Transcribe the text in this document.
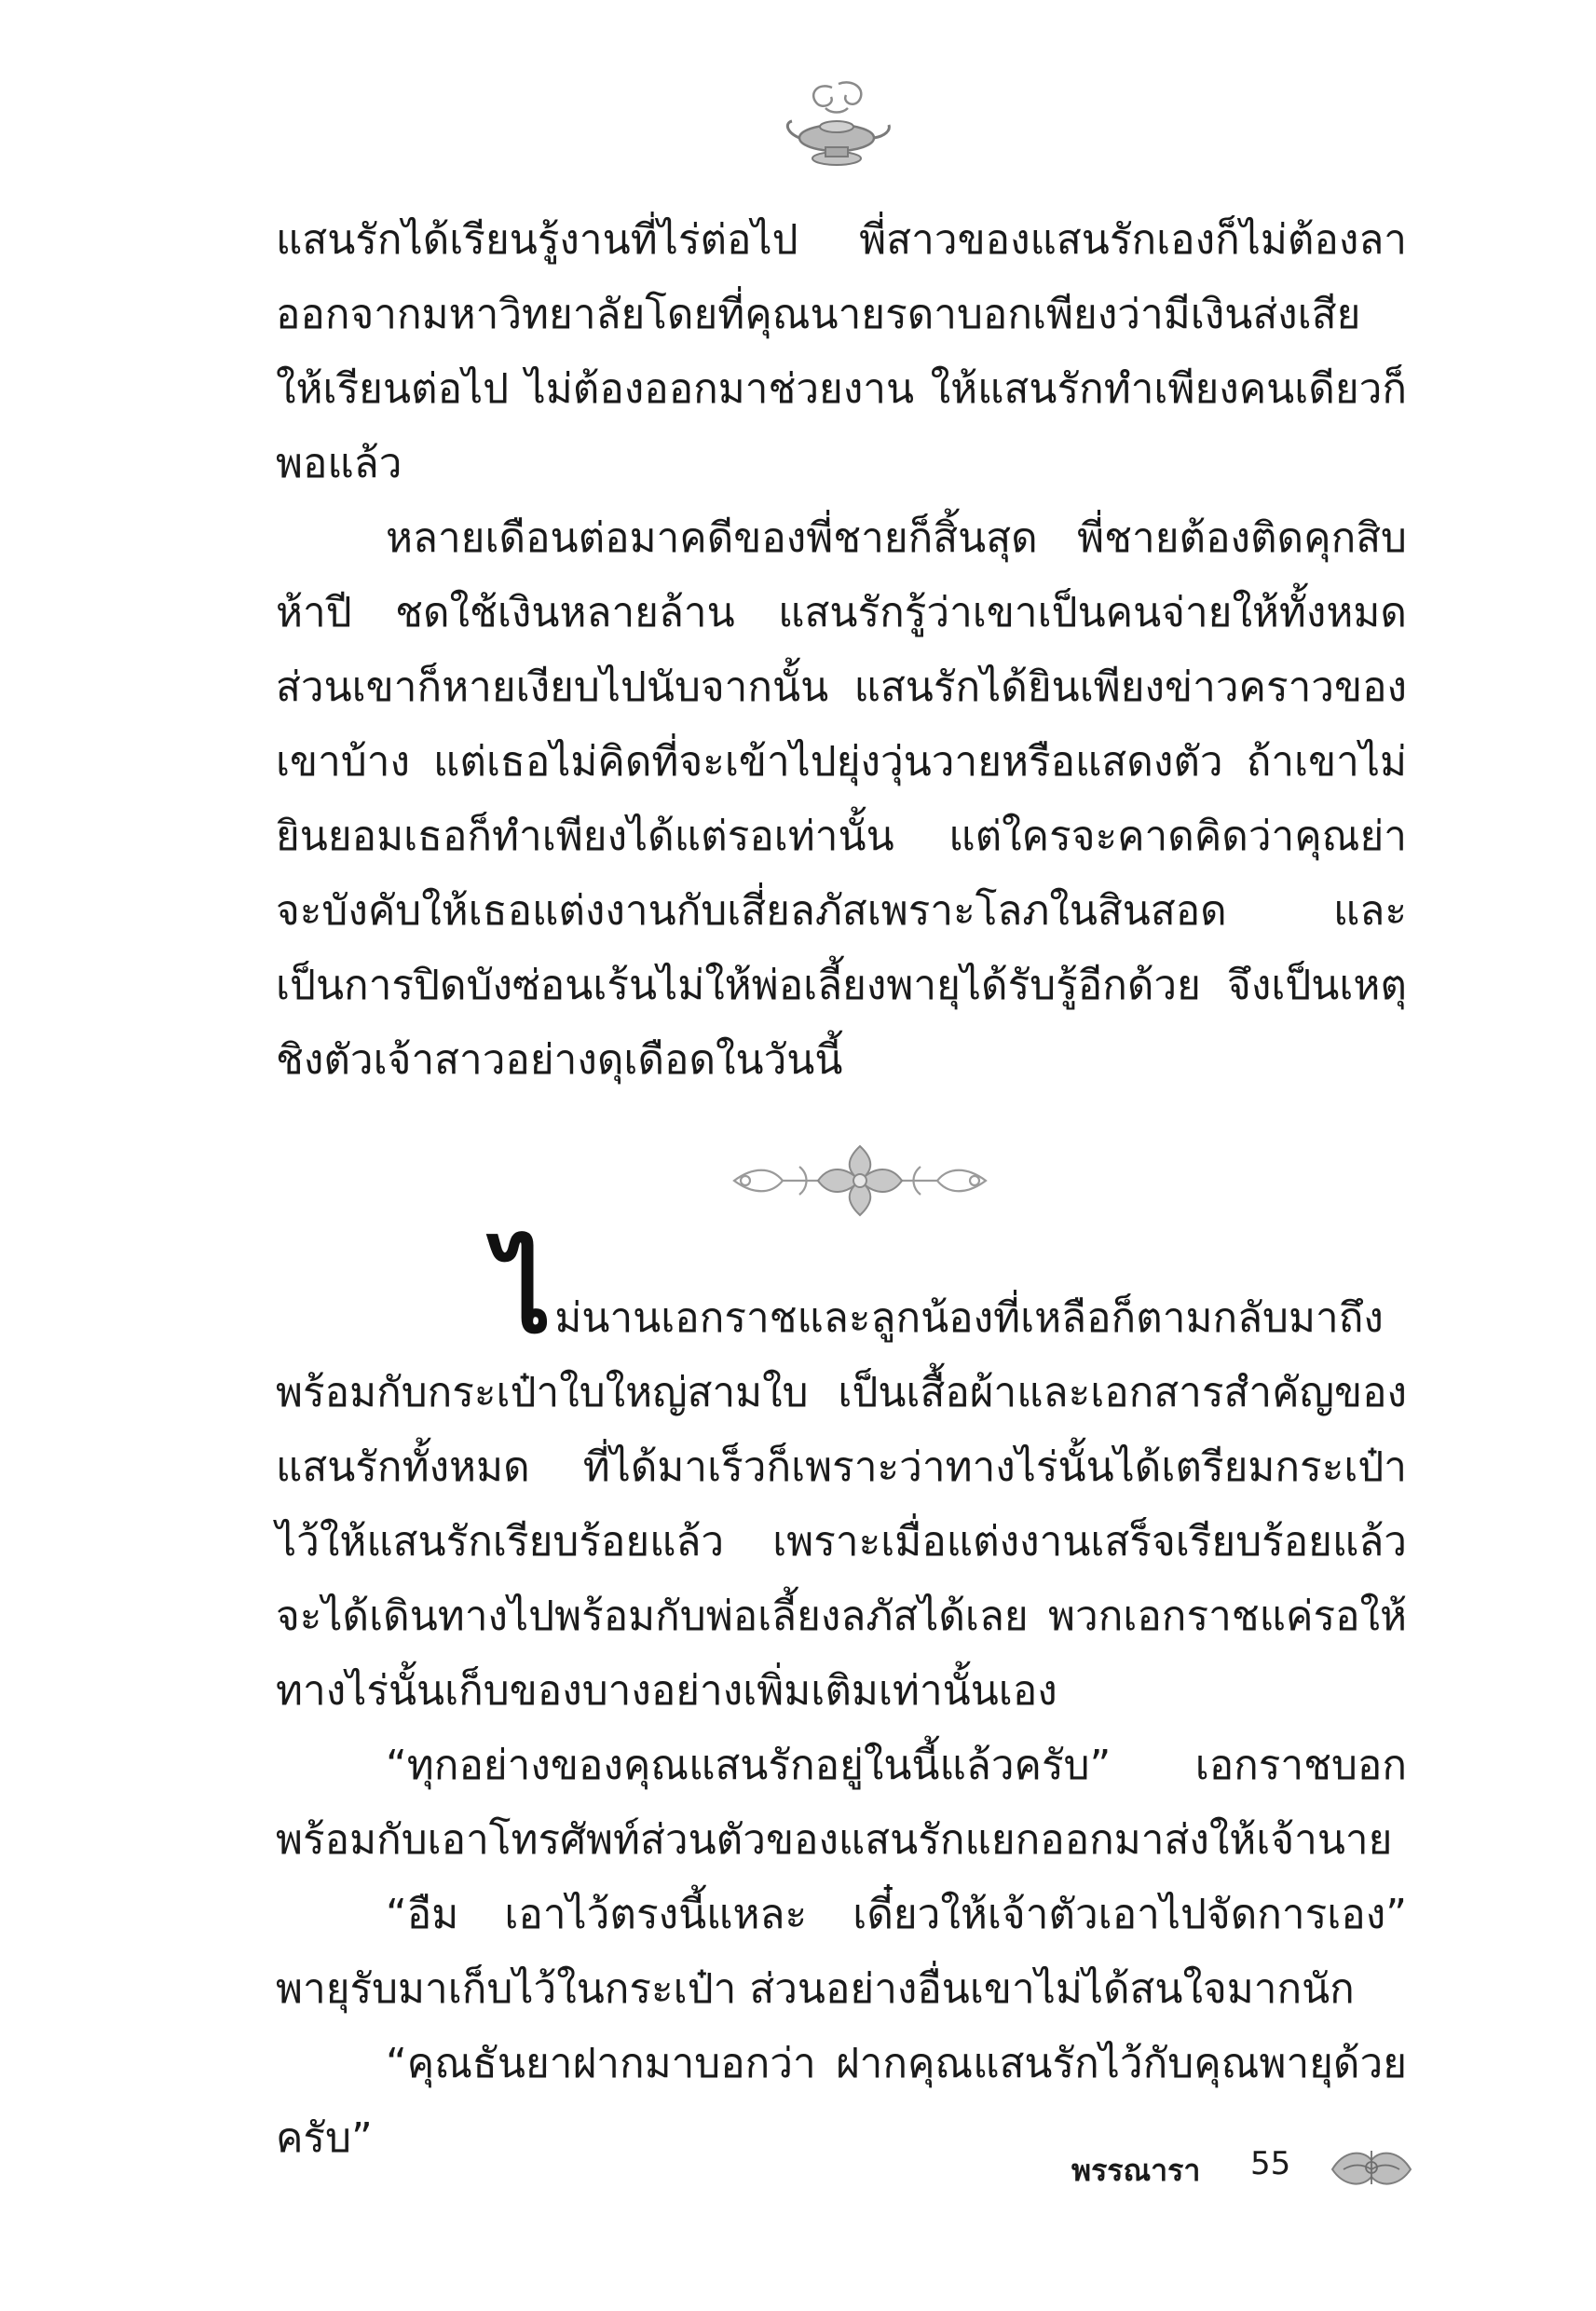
แสนรักได้เรียนรู้งานที่ไร่ต่อไป พี่สาวของแสนรักเองก็ไม่ต้องลาออกจากมหาวิทยาลัยโดยที่คุณนายรดาบอกเพียงว่ามีเงินส่งเสียให้เรียนต่อไป ไม่ต้องออกมาช่วยงาน ให้แสนรักทำเพียงคนเดียวก็พอแล้ว

หลายเดือนต่อมาคดีของพี่ชายก็สิ้นสุด พี่ชายต้องติดคุกสิบห้าปี ชดใช้เงินหลายล้าน แสนรักรู้ว่าเขาเป็นคนจ่ายให้ทั้งหมด ส่วนเขาก็หายเงียบไปนับจากนั้น แสนรักได้ยินเพียงข่าวคราวของเขาบ้าง แต่เธอไม่คิดที่จะเข้าไปยุ่งวุ่นวายหรือแสดงตัว ถ้าเขาไม่ยินยอมเธอก็ทำเพียงได้แต่รอเท่านั้น แต่ใครจะคาดคิดว่าคุณย่าจะบังคับให้เธอแต่งงานกับเสี่ยลภัสเพราะโลภในสินสอด และเป็นการปิดบังซ่อนเร้นไม่ให้พ่อเลี้ยงพายุได้รับรู้อีกด้วย จึงเป็นเหตุชิงตัวเจ้าสาวอย่างดุเดือดในวันนี้

ไม่นานเอกราชและลูกน้องที่เหลือก็ตามกลับมาถึงพร้อมกับกระเป๋าใบใหญ่สามใบ เป็นเสื้อผ้าและเอกสารสำคัญของแสนรักทั้งหมด ที่ได้มาเร็วก็เพราะว่าทางไร่นั้นได้เตรียมกระเป๋าไว้ให้แสนรักเรียบร้อยแล้ว เพราะเมื่อแต่งงานเสร็จเรียบร้อยแล้วจะได้เดินทางไปพร้อมกับพ่อเลี้ยงลภัสได้เลย พวกเอกราชแค่รอให้ทางไร่นั้นเก็บของบางอย่างเพิ่มเติมเท่านั้นเอง

“ทุกอย่างของคุณแสนรักอยู่ในนี้แล้วครับ” เอกราชบอกพร้อมกับเอาโทรศัพท์ส่วนตัวของแสนรักแยกออกมาส่งให้เจ้านาย

“อืม เอาไว้ตรงนี้แหละ เดี๋ยวให้เจ้าตัวเอาไปจัดการเอง” พายุรับมาเก็บไว้ในกระเป๋า ส่วนอย่างอื่นเขาไม่ได้สนใจมากนัก

“คุณธันยาฝากมาบอกว่า ฝากคุณแสนรักไว้กับคุณพายุด้วยครับ”

พรรณารา 55
